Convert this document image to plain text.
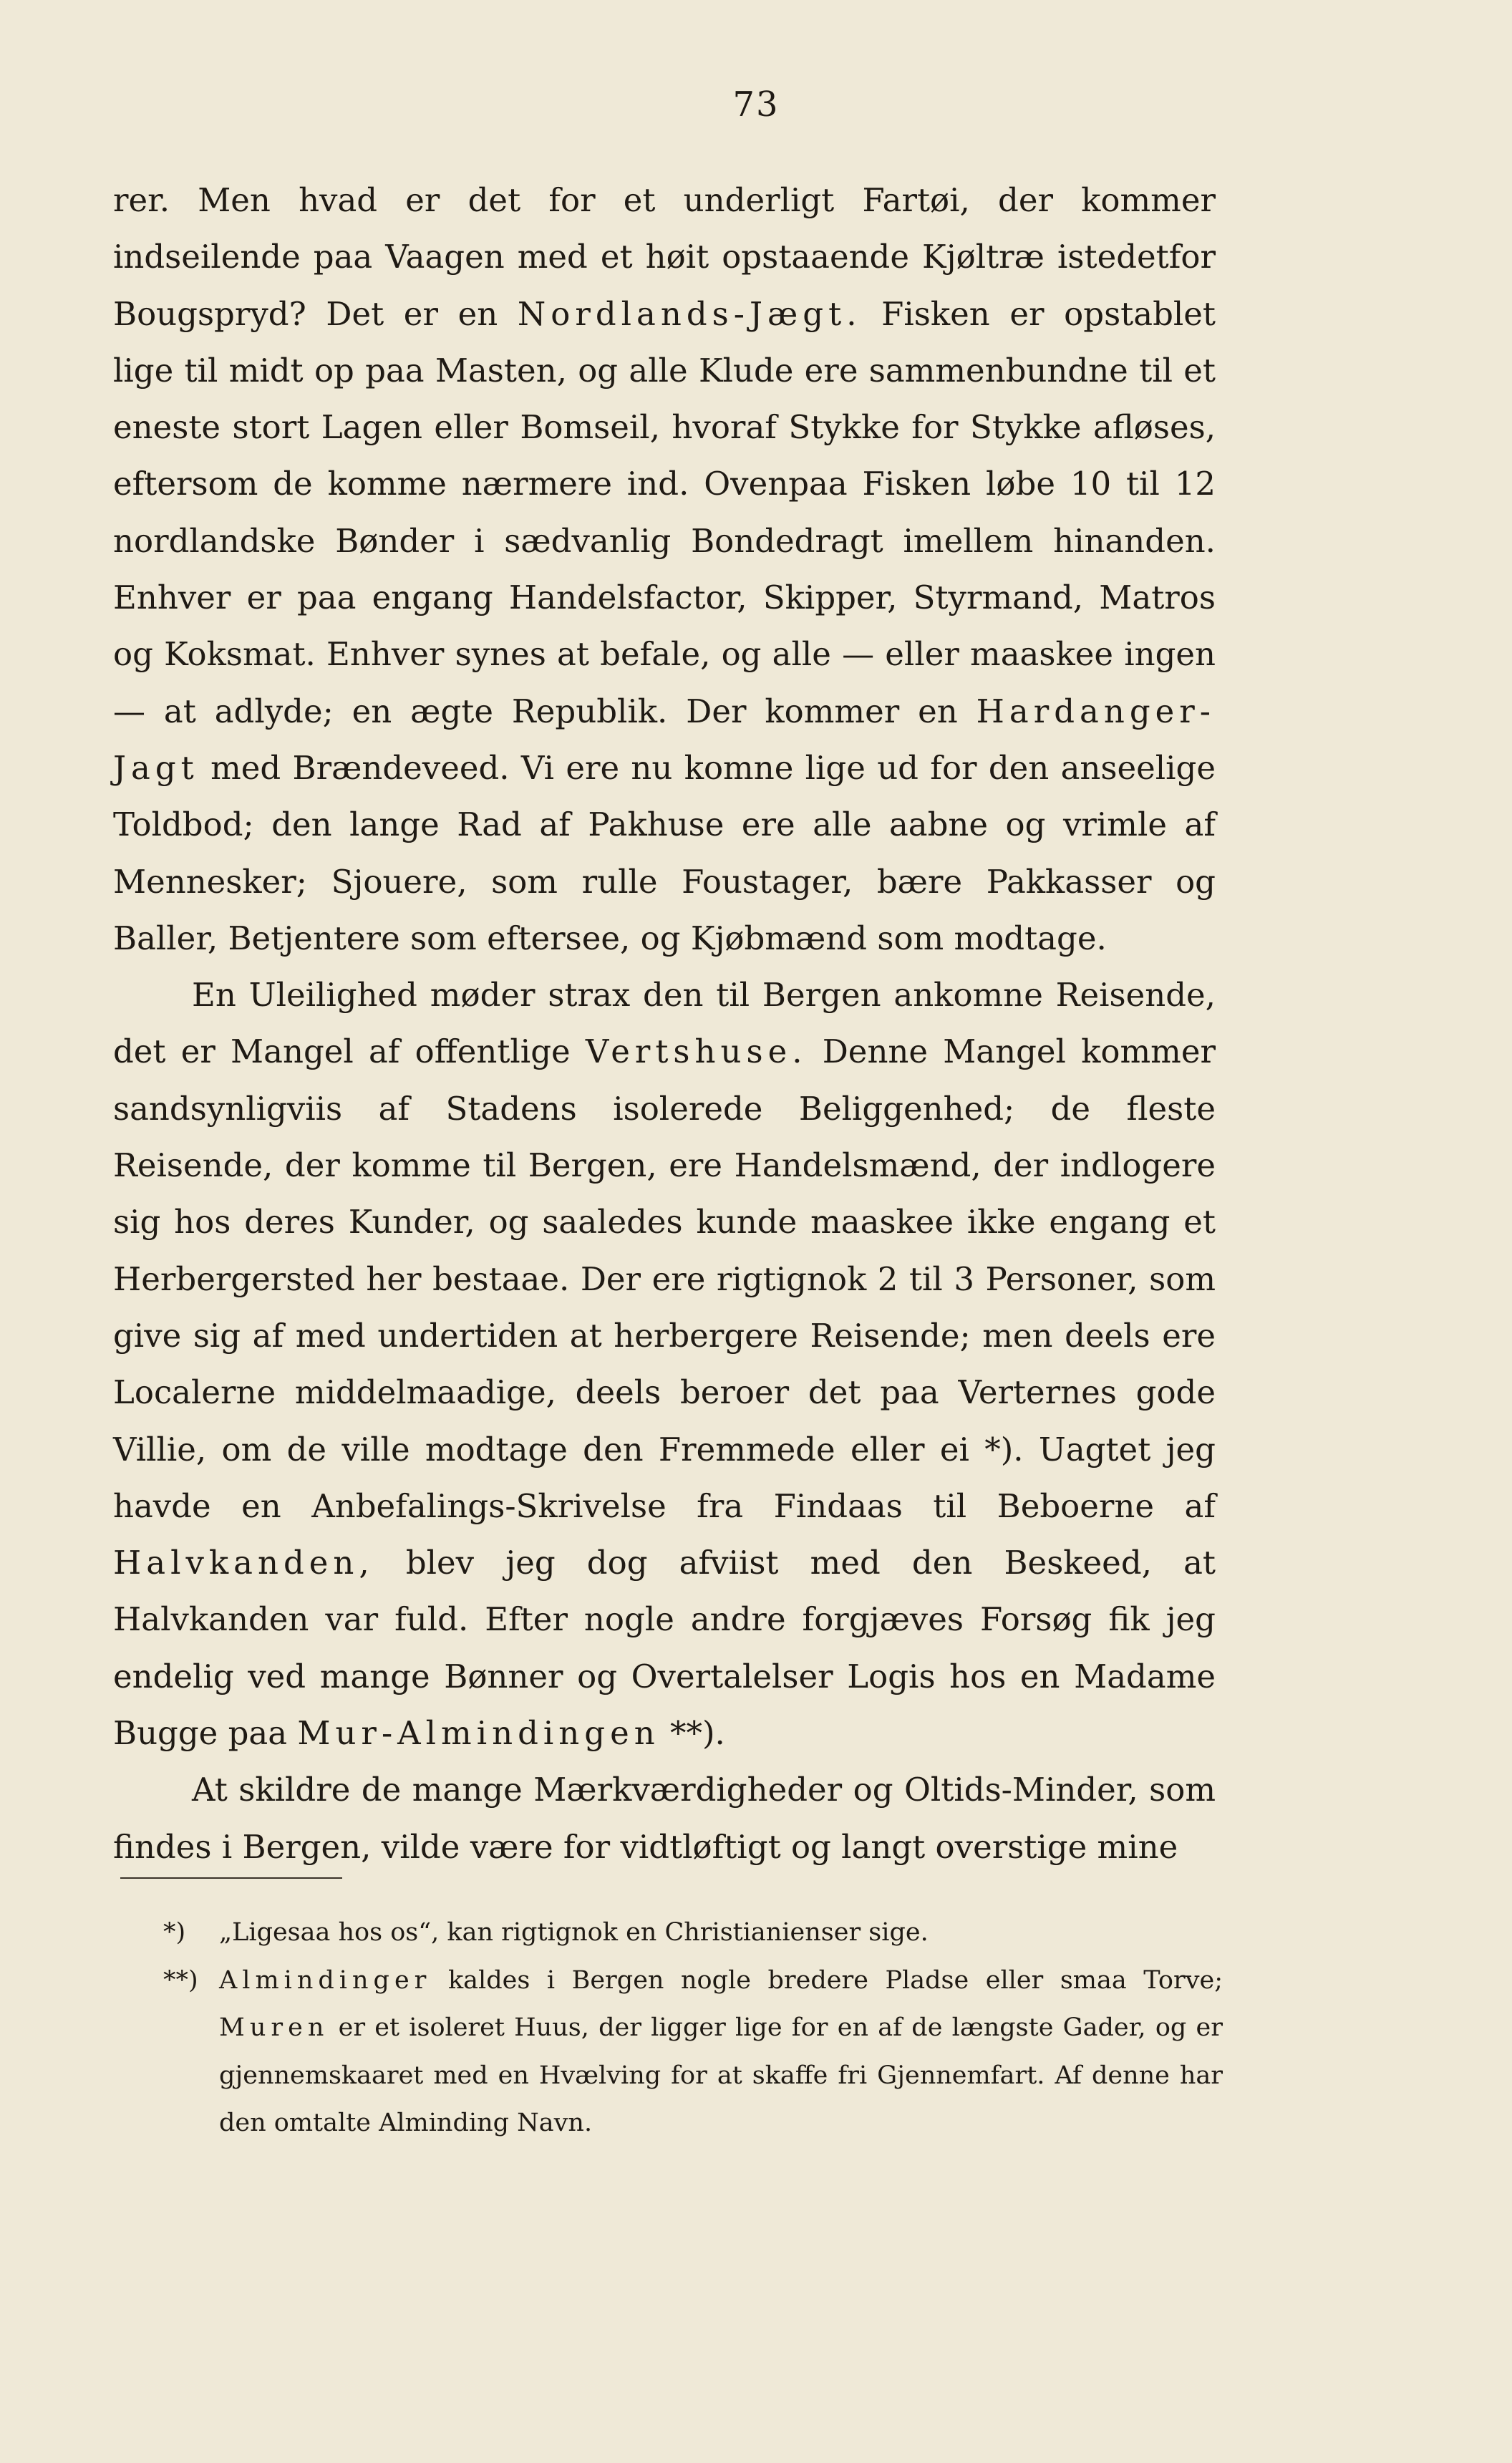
73

rer. Men hvad er det for et underligt Fartøi, der kommer indseilende paa Vaagen med et høit opstaaende Kjøltræ istedetfor Bougspryd? Det er en Nordlands-Jægt. Fisken er opstablet lige til midt op paa Masten, og alle Klude ere sammenbundne til et eneste stort Lagen eller Bomseil, hvoraf Stykke for Stykke afløses, eftersom de komme nærmere ind. Ovenpaa Fisken løbe 10 til 12 nordlandske Bønder i sædvanlig Bondedragt imellem hinanden. Enhver er paa engang Handelsfactor, Skipper, Styrmand, Matros og Koksmat. Enhver synes at befale, og alle — eller maaskee ingen — at adlyde; en ægte Republik. Der kommer en Hardanger-Jagt med Brændeveed. Vi ere nu komne lige ud for den anseelige Toldbod; den lange Rad af Pakhuse ere alle aabne og vrimle af Mennesker; Sjouere, som rulle Foustager, bære Pakkasser og Baller, Betjentere som eftersee, og Kjøbmænd som modtage.

En Uleilighed møder strax den til Bergen ankomne Reisende, det er Mangel af offentlige Vertshuse. Denne Mangel kommer sandsynligviis af Stadens isolerede Beliggenhed; de fleste Reisende, der komme til Bergen, ere Handelsmænd, der indlogere sig hos deres Kunder, og saaledes kunde maaskee ikke engang et Herbergersted her bestaae. Der ere rigtignok 2 til 3 Personer, som give sig af med undertiden at herbergere Reisende; men deels ere Localerne middelmaadige, deels beroer det paa Verternes gode Villie, om de ville modtage den Fremmede eller ei *). Uagtet jeg havde en Anbefalings-Skrivelse fra Findaas til Beboerne af Halvkanden, blev jeg dog afviist med den Beskeed, at Halvkanden var fuld. Efter nogle andre forgjæves Forsøg fik jeg endelig ved mange Bønner og Overtalelser Logis hos en Madame Bugge paa Mur-Almindingen **).

At skildre de mange Mærkværdigheder og Oltids-Minder, som findes i Bergen, vilde være for vidtløftigt og langt overstige mine

*) „Ligesaa hos os“, kan rigtignok en Christianienser sige.

**) Almindinger kaldes i Bergen nogle bredere Pladse eller smaa Torve; Muren er et isoleret Huus, der ligger lige for en af de længste Gader, og er gjennemskaaret med en Hvælving for at skaffe fri Gjennemfart. Af denne har den omtalte Alminding Navn.
